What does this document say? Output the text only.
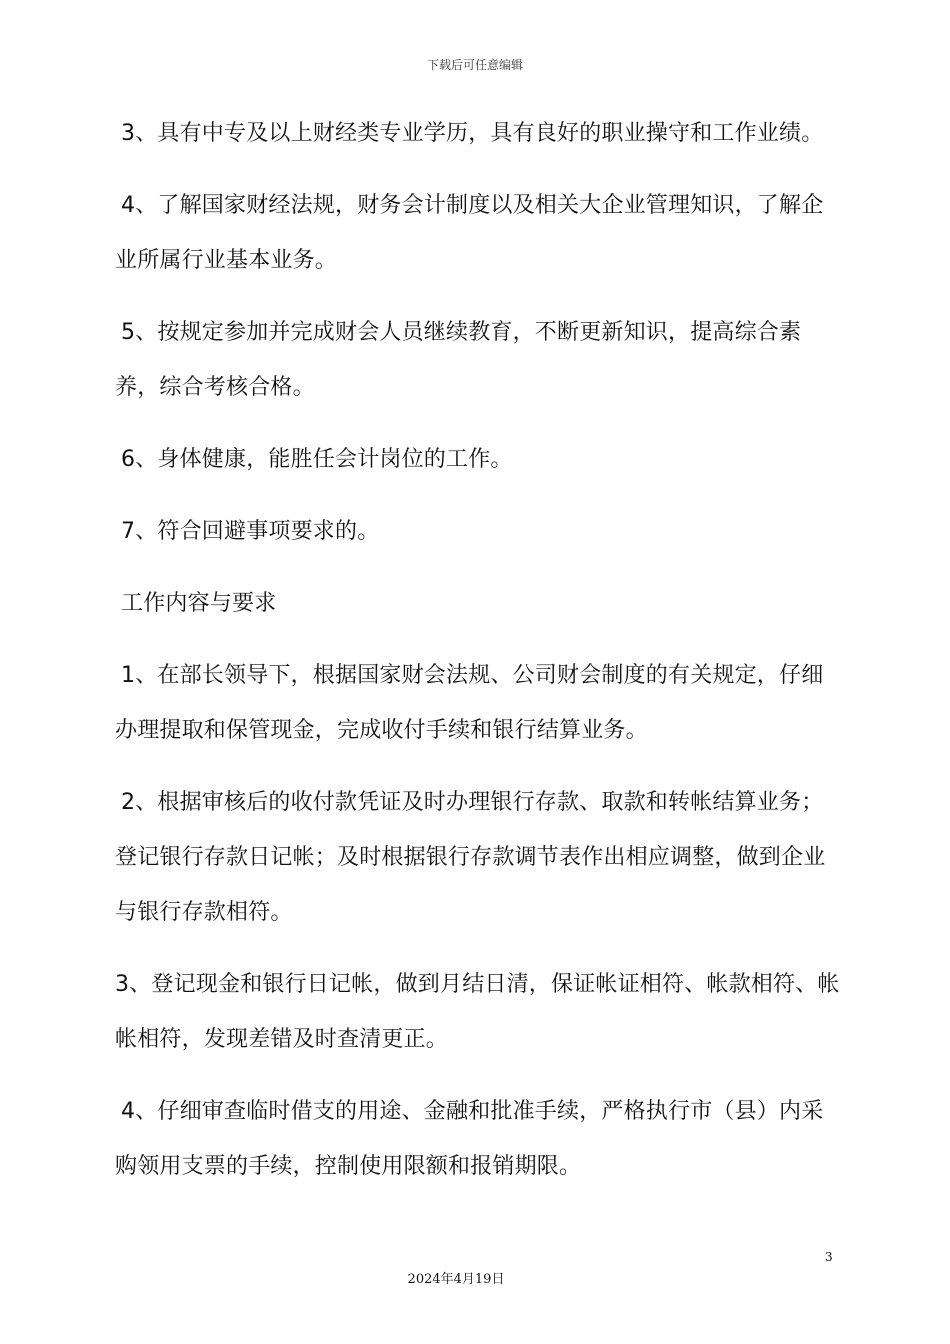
下载后可任意编辑

3、具有中专及以上财经类专业学历，具有良好的职业操守和工作业绩。

4、了解国家财经法规，财务会计制度以及相关大企业管理知识，了解企业所属行业基本业务。

5、按规定参加并完成财会人员继续教育，不断更新知识，提高综合素养，综合考核合格。

6、身体健康，能胜任会计岗位的工作。

7、符合回避事项要求的。

工作内容与要求

1、在部长领导下，根据国家财会法规、公司财会制度的有关规定，仔细办理提取和保管现金，完成收付手续和银行结算业务。

2、根据审核后的收付款凭证及时办理银行存款、取款和转帐结算业务；登记银行存款日记帐；及时根据银行存款调节表作出相应调整，做到企业与银行存款相符。

3、登记现金和银行日记帐，做到月结日清，保证帐证相符、帐款相符、帐帐相符，发现差错及时查清更正。

4、仔细审查临时借支的用途、金融和批准手续，严格执行市（县）内采购领用支票的手续，控制使用限额和报销期限。

3
2024年4月19日
